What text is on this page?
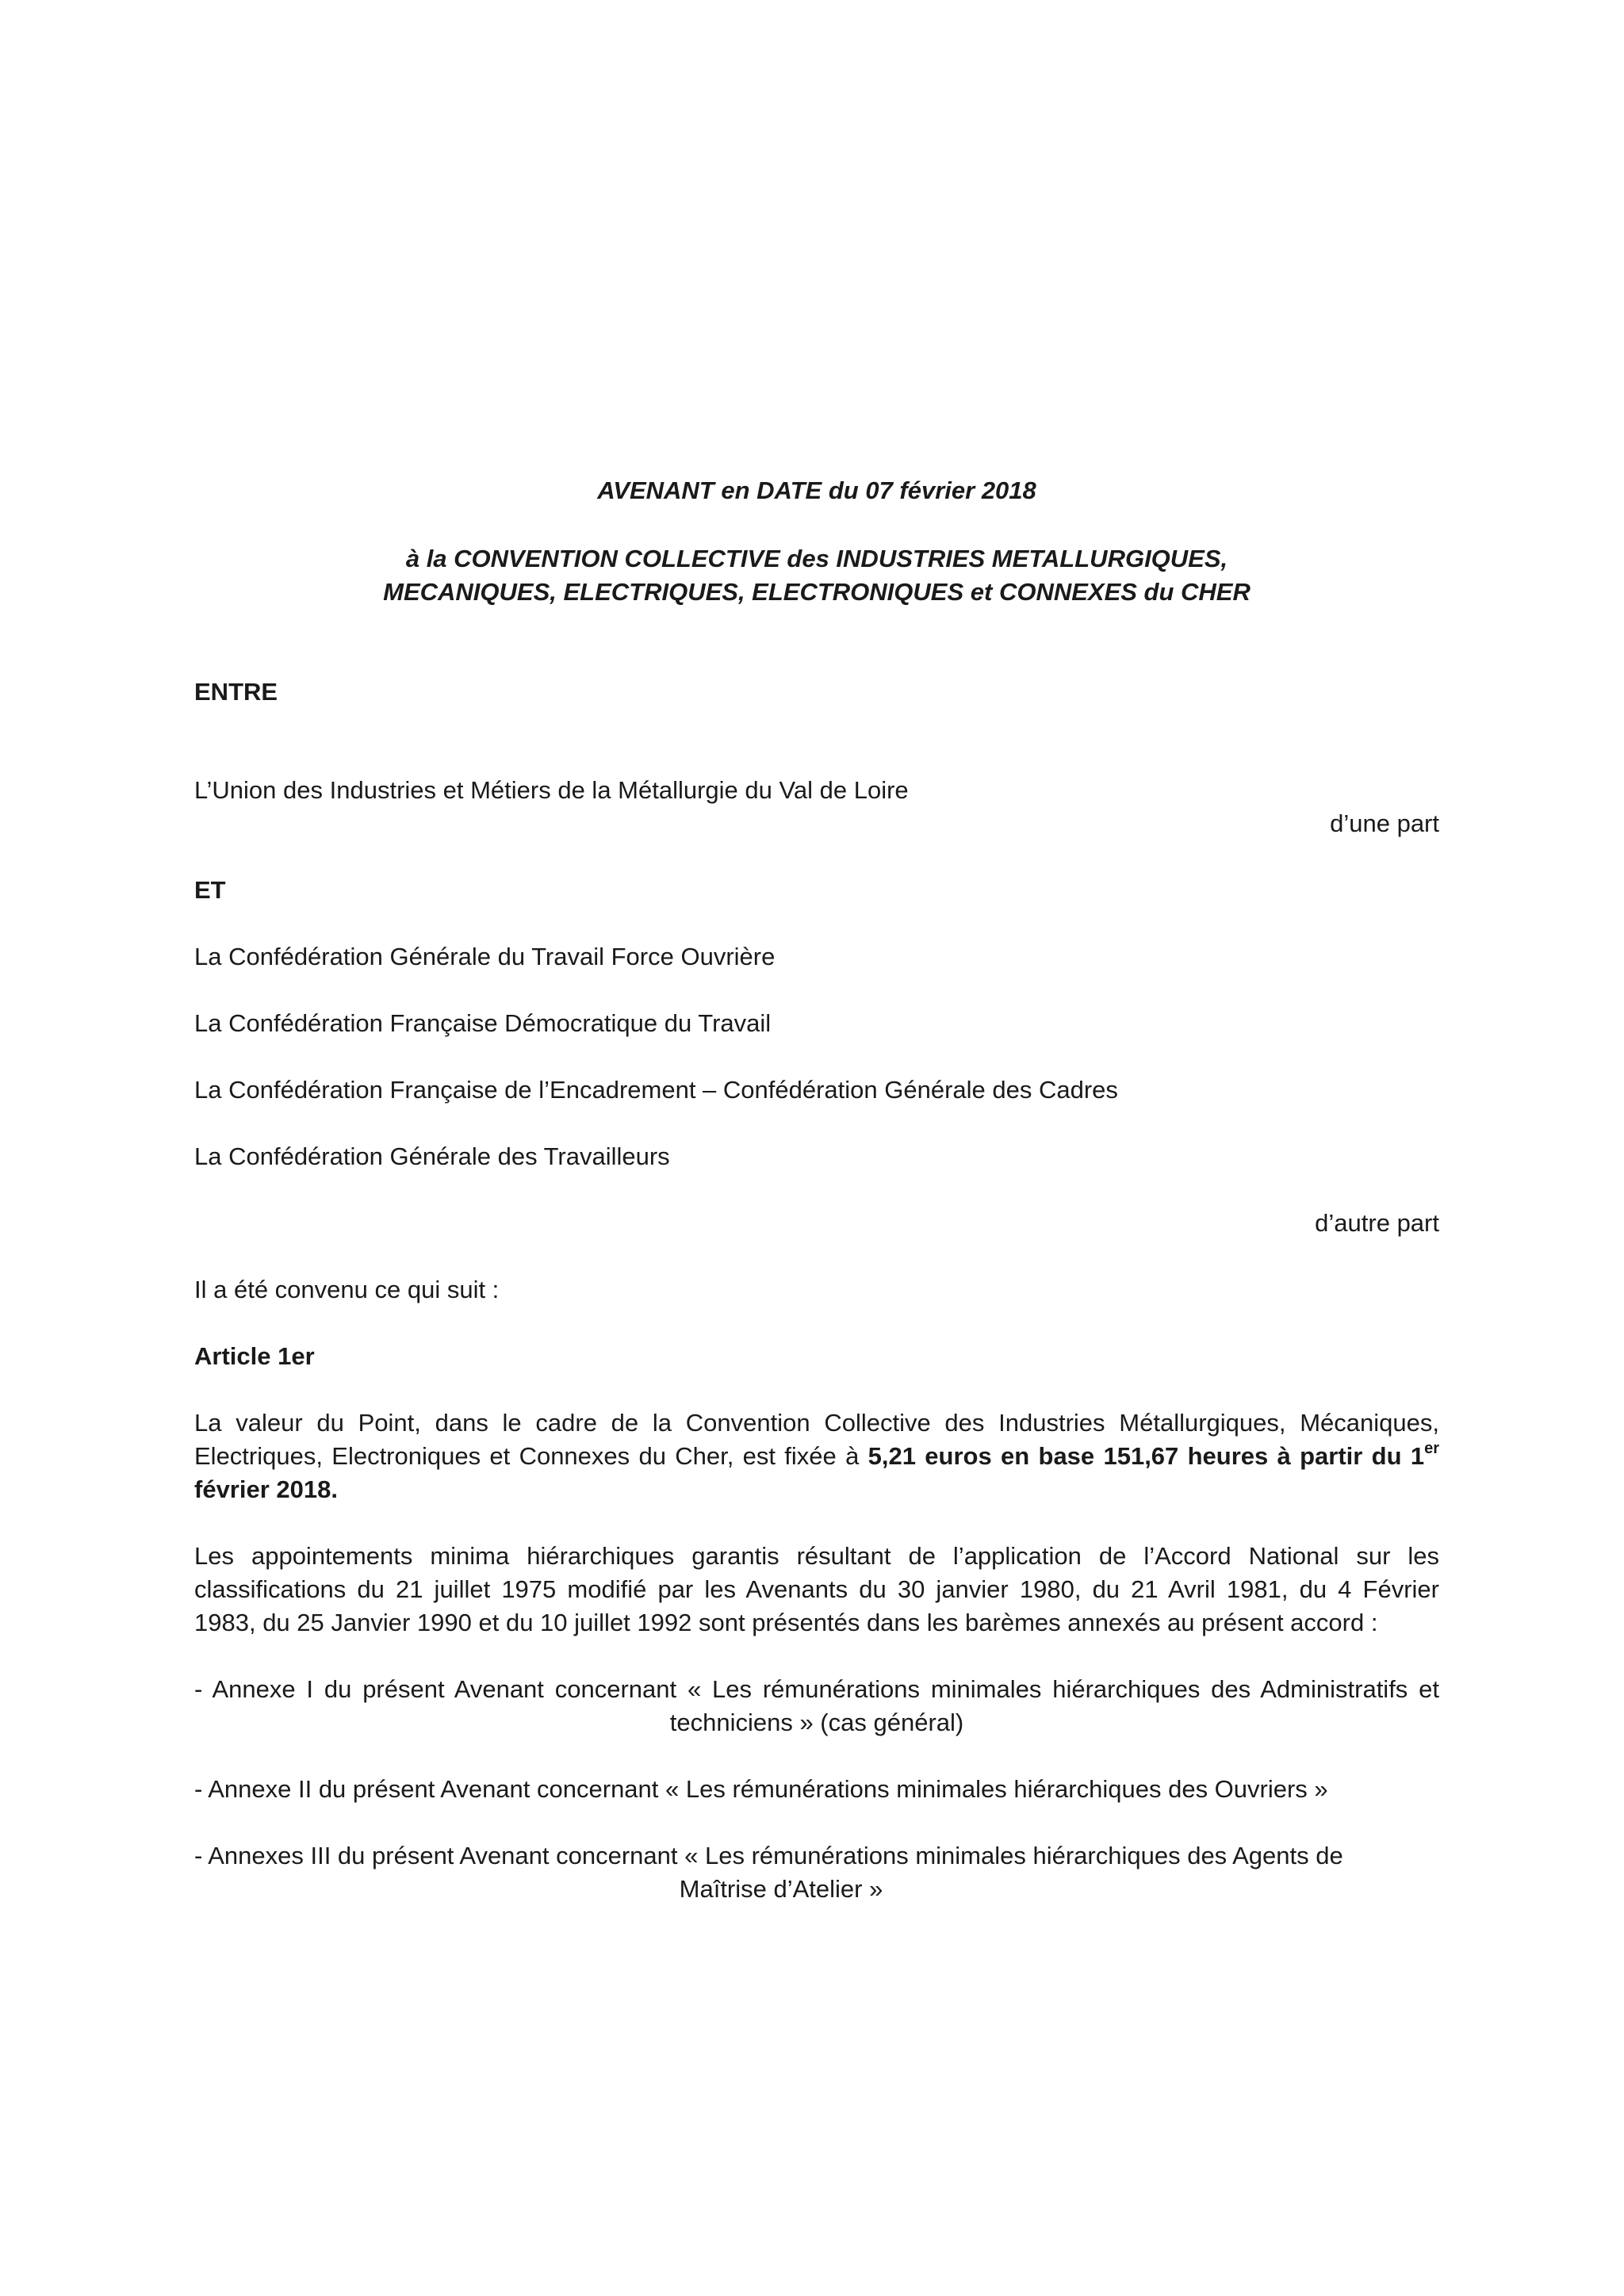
AVENANT en DATE du 07 février 2018
à la CONVENTION COLLECTIVE des INDUSTRIES METALLURGIQUES,
MECANIQUES, ELECTRIQUES, ELECTRONIQUES et CONNEXES du CHER
ENTRE
L’Union des Industries et Métiers de la Métallurgie du Val de Loire
d’une part
ET
La Confédération Générale du Travail Force Ouvrière
La Confédération Française Démocratique du Travail
La Confédération Française de l’Encadrement – Confédération Générale des Cadres
La Confédération Générale des Travailleurs
d’autre part
Il a été convenu ce qui suit :
Article 1er
La valeur du Point, dans le cadre de la Convention Collective des Industries Métallurgiques, Mécaniques,
Electriques, Electroniques et Connexes du Cher, est fixée à 5,21 euros en base 151,67 heures à partir du 1er
février 2018.
Les appointements minima hiérarchiques garantis résultant de l’application de l’Accord National sur les
classifications du 21 juillet 1975 modifié par les Avenants du 30 janvier 1980, du 21 Avril 1981, du 4 Février
1983, du 25 Janvier 1990 et du 10 juillet 1992 sont présentés dans les barèmes annexés au présent accord :
- Annexe I du présent Avenant concernant « Les rémunérations minimales hiérarchiques des Administratifs et
techniciens » (cas général)
- Annexe II du présent Avenant concernant « Les rémunérations minimales hiérarchiques des Ouvriers »
- Annexes III du présent Avenant concernant « Les rémunérations minimales hiérarchiques des Agents de
Maîtrise d’Atelier »
